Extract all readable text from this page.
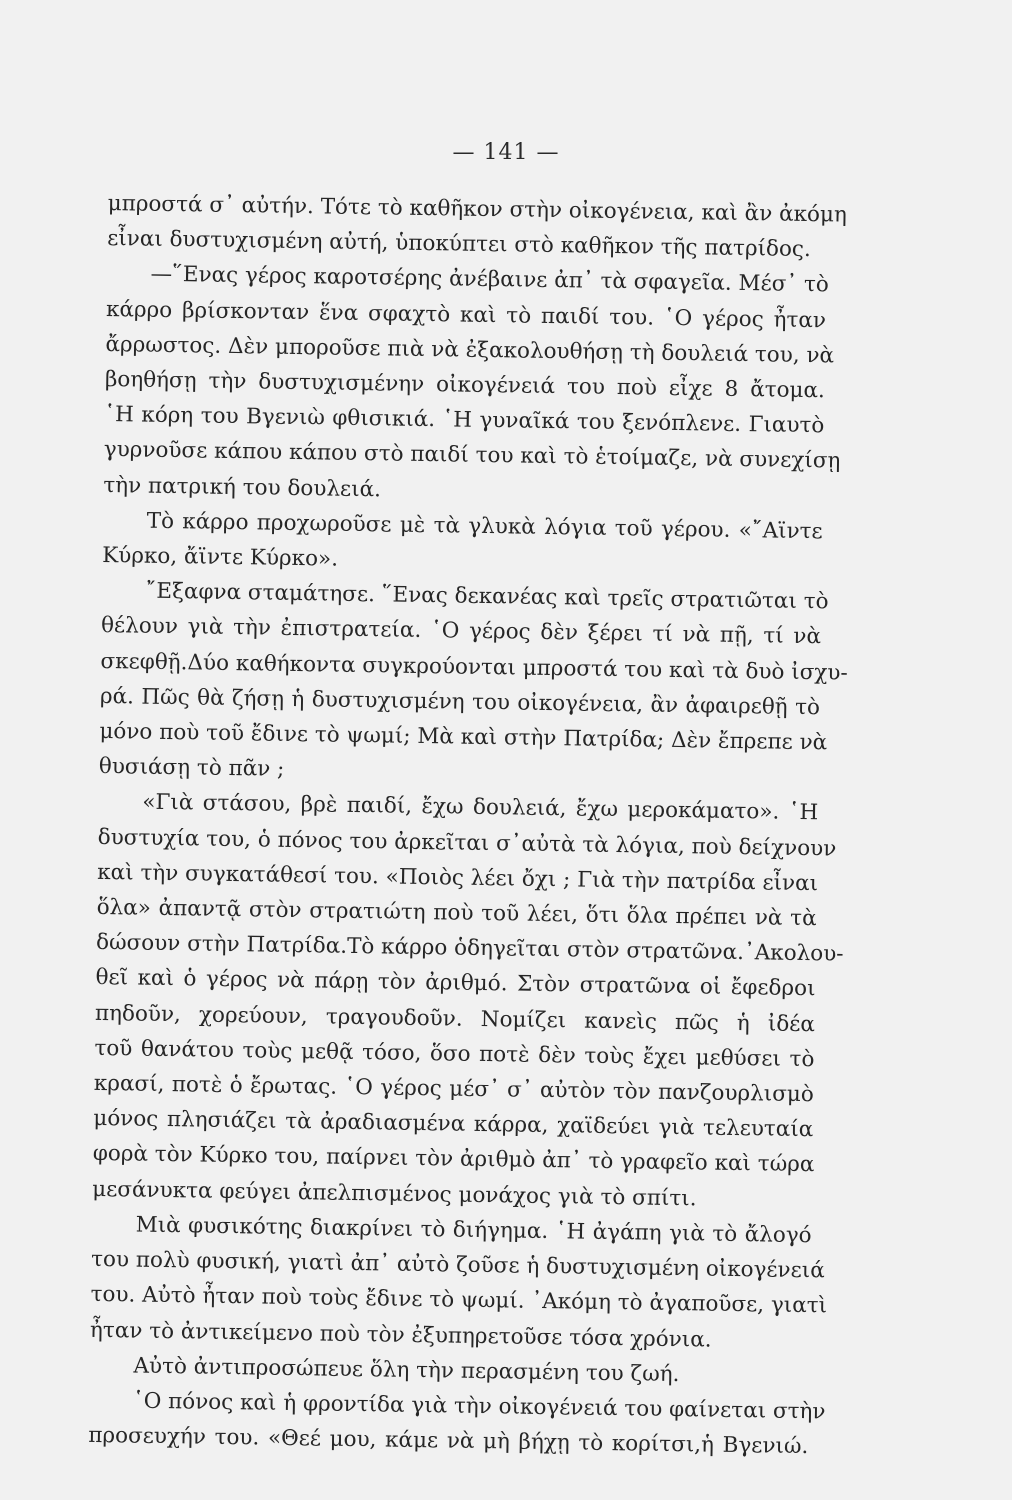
— 141 —
μπροστά σ᾿ αὐτήν. Τότε τὸ καθῆκον στὴν οἰκογένεια, καὶ ἂν ἀκόμη
εἶναι δυστυχισμένη αὐτή, ὑποκύπτει στὸ καθῆκον τῆς πατρίδος.
—῞Ενας γέρος καροτσέρης ἀνέβαινε ἀπ᾿ τὰ σφαγεῖα. Μέσ᾿ τὸ
κάρρο βρίσκονταν ἕνα σφαχτὸ καὶ τὸ παιδί του. ῾Ο γέρος ἦταν
ἄρρωστος. Δὲν μποροῦσε πιὰ νὰ ἐξακολουθήσῃ τὴ δουλειά του, νὰ
βοηθήσῃ τὴν δυστυχισμένην οἰκογένειά του ποὺ εἶχε 8 ἄτομα.
῾Η κόρη του Βγενιὼ φθισικιά. ῾Η γυναῖκά του ξενόπλενε. Γιαυτὸ
γυρνοῦσε κάπου κάπου στὸ παιδί του καὶ τὸ ἑτοίμαζε, νὰ συνεχίσῃ
τὴν πατρική του δουλειά.
Τὸ κάρρο προχωροῦσε μὲ τὰ γλυκὰ λόγια τοῦ γέρου. «῎Αϊντε
Κύρκο, ἄϊντε Κύρκο».
῎Εξαφνα σταμάτησε. ῞Ενας δεκανέας καὶ τρεῖς στρατιῶται τὸ
θέλουν γιὰ τὴν ἐπιστρατεία. ῾Ο γέρος δὲν ξέρει τί νὰ πῇ, τί νὰ
σκεφθῇ.Δύο καθήκοντα συγκρούονται μπροστά του καὶ τὰ δυὸ ἰσχυ-
ρά. Πῶς θὰ ζήσῃ ἡ δυστυχισμένη του οἰκογένεια, ἂν ἀφαιρεθῇ τὸ
μόνο ποὺ τοῦ ἔδινε τὸ ψωμί; Μὰ καὶ στὴν Πατρίδα; Δὲν ἔπρεπε νὰ
θυσιάσῃ τὸ πᾶν ;
«Γιὰ στάσου, βρὲ παιδί, ἔχω δουλειά, ἔχω μεροκάματο». ῾Η
δυστυχία του, ὁ πόνος του ἀρκεῖται σ᾿αὐτὰ τὰ λόγια, ποὺ δείχνουν
καὶ τὴν συγκατάθεσί του. «Ποιὸς λέει ὄχι ; Γιὰ τὴν πατρίδα εἶναι
ὅλα» ἀπαντᾷ στὸν στρατιώτη ποὺ τοῦ λέει, ὅτι ὅλα πρέπει νὰ τὰ
δώσουν στὴν Πατρίδα.Τὸ κάρρο ὁδηγεῖται στὸν στρατῶνα.᾿Ακολου-
θεῖ καὶ ὁ γέρος νὰ πάρῃ τὸν ἀριθμό. Στὸν στρατῶνα οἱ ἔφεδροι
πηδοῦν, χορεύουν, τραγουδοῦν. Νομίζει κανεὶς πῶς ἡ ἰδέα
τοῦ θανάτου τοὺς μεθᾷ τόσο, ὅσο ποτὲ δὲν τοὺς ἔχει μεθύσει τὸ
κρασί, ποτὲ ὁ ἔρωτας. ῾Ο γέρος μέσ᾿ σ᾿ αὐτὸν τὸν πανζουρλισμὸ
μόνος πλησιάζει τὰ ἀραδιασμένα κάρρα, χαϊδεύει γιὰ τελευταία
φορὰ τὸν Κύρκο του, παίρνει τὸν ἀριθμὸ ἀπ᾿ τὸ γραφεῖο καὶ τώρα
μεσάνυκτα φεύγει ἀπελπισμένος μονάχος γιὰ τὸ σπίτι.
Μιὰ φυσικότης διακρίνει τὸ διήγημα. ῾Η ἀγάπη γιὰ τὸ ἄλογό
του πολὺ φυσική, γιατὶ ἀπ᾿ αὐτὸ ζοῦσε ἡ δυστυχισμένη οἰκογένειά
του. Αὐτὸ ἦταν ποὺ τοὺς ἔδινε τὸ ψωμί. ᾿Ακόμη τὸ ἀγαποῦσε, γιατὶ
ἦταν τὸ ἀντικείμενο ποὺ τὸν ἐξυπηρετοῦσε τόσα χρόνια.
Αὐτὸ ἀντιπροσώπευε ὅλη τὴν περασμένη του ζωή.
῾Ο πόνος καὶ ἡ φροντίδα γιὰ τὴν οἰκογένειά του φαίνεται στὴν
προσευχήν του. «Θεέ μου, κάμε νὰ μὴ βήχῃ τὸ κορίτσι,ἡ Βγενιώ.
